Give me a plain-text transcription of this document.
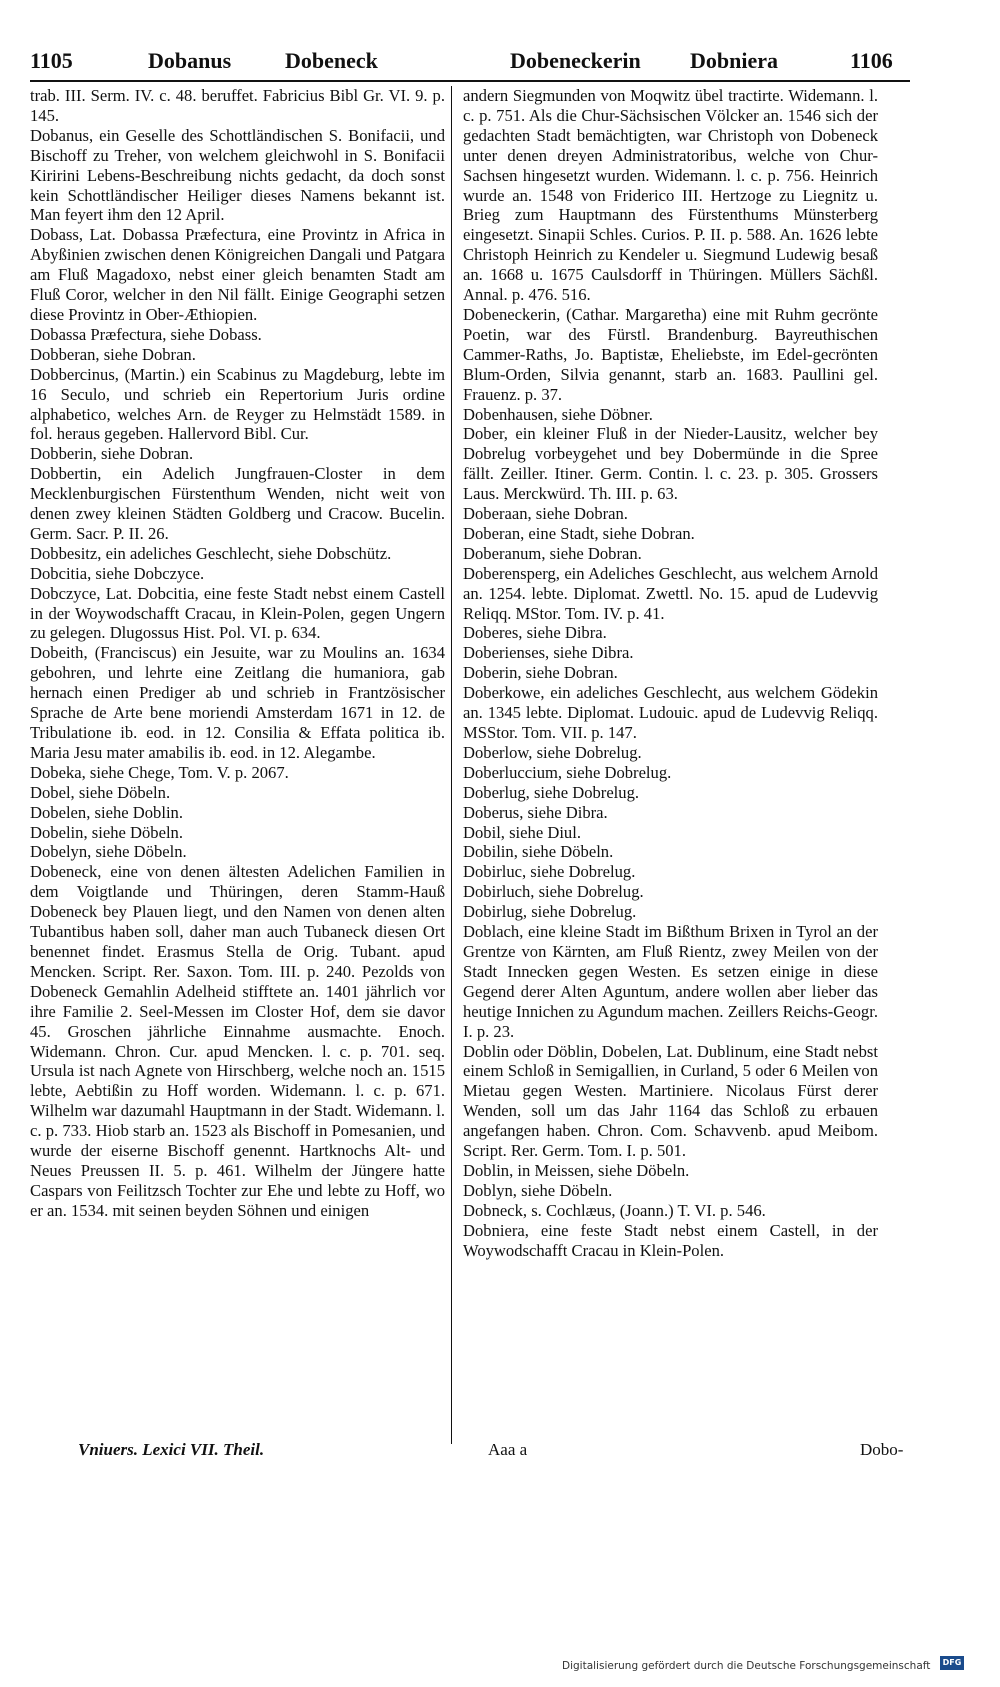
1105	Dobanus Dobeneck	Dobeneckerin Dobniera	1106

trab. III. Serm. IV. c. 48. beruffet. Fabricius Bibl Gr. VI. 9. p. 145.

Dobanus, ein Geselle des Schottländischen S. Bonifacii, und Bischoff zu Treher, von welchem gleichwohl in S. Bonifacii Kiririni Lebens-Beschreibung nichts gedacht, da doch sonst kein Schottländischer Heiliger dieses Namens bekannt ist. Man feyert ihm den 12 April.

Dobass, Lat. Dobassa Præfectura, eine Provintz in Africa in Abyßinien zwischen denen Königreichen Dangali und Patgara am Fluß Magadoxo, nebst einer gleich benamten Stadt am Fluß Coror, welcher in den Nil fällt. Einige Geographi setzen diese Provintz in Ober-Æthiopien.

Dobassa Præfectura, siehe Dobass.

Dobberan, siehe Dobran.

Dobbercinus, (Martin.) ein Scabinus zu Magdeburg, lebte im 16 Seculo, und schrieb ein Repertorium Juris ordine alphabetico, welches Arn. de Reyger zu Helmstädt 1589. in fol. heraus gegeben. Hallervord Bibl. Cur.

Dobberin, siehe Dobran.

Dobbertin, ein Adelich Jungfrauen-Closter in dem Mecklenburgischen Fürstenthum Wenden, nicht weit von denen zwey kleinen Städten Goldberg und Cracow. Bucelin. Germ. Sacr. P. II. 26.

Dobbesitz, ein adeliches Geschlecht, siehe Dobschütz.

Dobcitia, siehe Dobczyce.

Dobczyce, Lat. Dobcitia, eine feste Stadt nebst einem Castell in der Woywodschafft Cracau, in Klein-Polen, gegen Ungern zu gelegen. Dlugossus Hist. Pol. VI. p. 634.

Dobeith, (Franciscus) ein Jesuite, war zu Moulins an. 1634 gebohren, und lehrte eine Zeitlang die humaniora, gab hernach einen Prediger ab und schrieb in Frantzösischer Sprache de Arte bene moriendi Amsterdam 1671 in 12. de Tribulatione ib. eod. in 12. Consilia & Effata politica ib. Maria Jesu mater amabilis ib. eod. in 12. Alegambe.

Dobeka, siehe Chege, Tom. V. p. 2067.

Dobel, siehe Döbeln.

Dobelen, siehe Doblin.

Dobelin, siehe Döbeln.

Dobelyn, siehe Döbeln.

Dobeneck, eine von denen ältesten Adelichen Familien in dem Voigtlande und Thüringen, deren Stamm-Hauß Dobeneck bey Plauen liegt, und den Namen von denen alten Tubantibus haben soll, daher man auch Tubaneck diesen Ort benennet findet. Erasmus Stella de Orig. Tubant. apud Mencken. Script. Rer. Saxon. Tom. III. p. 240. Pezolds von Dobeneck Gemahlin Adelheid stifftete an. 1401 jährlich vor ihre Familie 2. Seel-Messen im Closter Hof, dem sie davor 45. Groschen jährliche Einnahme ausmachte. Enoch. Widemann. Chron. Cur. apud Mencken. l. c. p. 701. seq. Ursula ist nach Agnete von Hirschberg, welche noch an. 1515 lebte, Aebtißin zu Hoff worden. Widemann. l. c. p. 671. Wilhelm war dazumahl Hauptmann in der Stadt. Widemann. l. c. p. 733. Hiob starb an. 1523 als Bischoff in Pomesanien, und wurde der eiserne Bischoff genennt. Hartknochs Alt- und Neues Preussen II. 5. p. 461. Wilhelm der Jüngere hatte Caspars von Feilitzsch Tochter zur Ehe und lebte zu Hoff, wo er an. 1534. mit seinen beyden Söhnen und einigen

andern Siegmunden von Moqwitz übel tractirte. Widemann. l. c. p. 751. Als die Chur-Sächsischen Völcker an. 1546 sich der gedachten Stadt bemächtigten, war Christoph von Dobeneck unter denen dreyen Administratoribus, welche von Chur-Sachsen hingesetzt wurden. Widemann. l. c. p. 756. Heinrich wurde an. 1548 von Friderico III. Hertzoge zu Liegnitz u. Brieg zum Hauptmann des Fürstenthums Münsterberg eingesetzt. Sinapii Schles. Curios. P. II. p. 588. An. 1626 lebte Christoph Heinrich zu Kendeler u. Siegmund Ludewig besaß an. 1668 u. 1675 Caulsdorff in Thüringen. Müllers Sächßl. Annal. p. 476. 516.

Dobeneckerin, (Cathar. Margaretha) eine mit Ruhm gecrönte Poetin, war des Fürstl. Brandenburg. Bayreuthischen Cammer-Raths, Jo. Baptistæ, Eheliebste, im Edel-gecrönten Blum-Orden, Silvia genannt, starb an. 1683. Paullini gel. Frauenz. p. 37.

Dobenhausen, siehe Döbner.

Dober, ein kleiner Fluß in der Nieder-Lausitz, welcher bey Dobrelug vorbeygehet und bey Dobermünde in die Spree fällt. Zeiller. Itiner. Germ. Contin. l. c. 23. p. 305. Grossers Laus. Merckwürd. Th. III. p. 63.

Doberaan, siehe Dobran.

Doberan, eine Stadt, siehe Dobran.

Doberanum, siehe Dobran.

Doberensperg, ein Adeliches Geschlecht, aus welchem Arnold an. 1254. lebte. Diplomat. Zwettl. No. 15. apud de Ludevvig Reliqq. MStor. Tom. IV. p. 41.

Doberes, siehe Dibra.

Doberienses, siehe Dibra.

Doberin, siehe Dobran.

Doberkowe, ein adeliches Geschlecht, aus welchem Gödekin an. 1345 lebte. Diplomat. Ludouic. apud de Ludevvig Reliqq. MSStor. Tom. VII. p. 147.

Doberlow, siehe Dobrelug.

Doberluccium, siehe Dobrelug.

Doberlug, siehe Dobrelug.

Doberus, siehe Dibra.

Dobil, siehe Diul.

Dobilin, siehe Döbeln.

Dobirluc, siehe Dobrelug.

Dobirluch, siehe Dobrelug.

Dobirlug, siehe Dobrelug.

Doblach, eine kleine Stadt im Bißthum Brixen in Tyrol an der Grentze von Kärnten, am Fluß Rientz, zwey Meilen von der Stadt Innecken gegen Westen. Es setzen einige in diese Gegend derer Alten Aguntum, andere wollen aber lieber das heutige Innichen zu Agundum machen. Zeillers Reichs-Geogr. I. p. 23.

Doblin oder Döblin, Dobelen, Lat. Dublinum, eine Stadt nebst einem Schloß in Semigallien, in Curland, 5 oder 6 Meilen von Mietau gegen Westen. Martiniere. Nicolaus Fürst derer Wenden, soll um das Jahr 1164 das Schloß zu erbauen angefangen haben. Chron. Com. Schavvenb. apud Meibom. Script. Rer. Germ. Tom. I. p. 501.

Doblin, in Meissen, siehe Döbeln.

Doblyn, siehe Döbeln.

Dobneck, s. Cochlæus, (Joann.) T. VI. p. 546.

Dobniera, eine feste Stadt nebst einem Castell, in der Woywodschafft Cracau in Klein-Polen.

Vniuers. Lexici VII. Theil.	Aaa a	Dobo-
Digitalisierung gefördert durch die Deutsche Forschungsgemeinschaft	DFG
